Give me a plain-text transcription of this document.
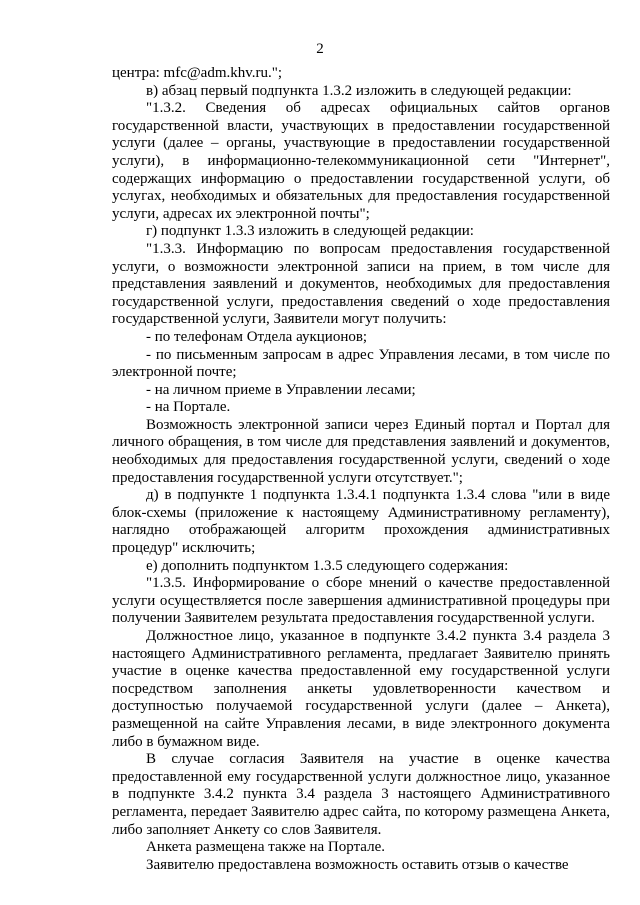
2

центра: mfc@adm.khv.ru.";

в) абзац первый подпункта 1.3.2 изложить в следующей редакции:

"1.3.2. Сведения об адресах официальных сайтов органов государственной власти, участвующих в предоставлении государственной услуги (далее – органы, участвующие в предоставлении государственной услуги), в информационно-телекоммуникационной сети "Интернет", содержащих информацию о предоставлении государственной услуги, об услугах, необходимых и обязательных для предоставления государственной услуги, адресах их электронной почты";

г) подпункт 1.3.3 изложить в следующей редакции:

"1.3.3. Информацию по вопросам предоставления государственной услуги, о возможности электронной записи на прием, в том числе для представления заявлений и документов, необходимых для предоставления государственной услуги, предоставления сведений о ходе предоставления государственной услуги, Заявители могут получить:

- по телефонам Отдела аукционов;

- по письменным запросам в адрес Управления лесами, в том числе по электронной почте;

- на личном приеме в Управлении лесами;

- на Портале.

Возможность электронной записи через Единый портал и Портал для личного обращения, в том числе для представления заявлений и документов, необходимых для предоставления государственной услуги, сведений о ходе предоставления государственной услуги отсутствует.";

д) в подпункте 1 подпункта 1.3.4.1 подпункта 1.3.4 слова "или в виде блок-схемы (приложение к настоящему Административному регламенту), наглядно отображающей алгоритм прохождения административных процедур" исключить;

е) дополнить подпунктом 1.3.5 следующего содержания:

"1.3.5. Информирование о сборе мнений о качестве предоставленной услуги осуществляется после завершения административной процедуры при получении Заявителем результата предоставления государственной услуги.

Должностное лицо, указанное в подпункте 3.4.2 пункта 3.4 раздела 3 настоящего Административного регламента, предлагает Заявителю принять участие в оценке качества предоставленной ему государственной услуги посредством заполнения анкеты удовлетворенности качеством и доступностью получаемой государственной услуги (далее – Анкета), размещенной на сайте Управления лесами, в виде электронного документа либо в бумажном виде.

В случае согласия Заявителя на участие в оценке качества предоставленной ему государственной услуги должностное лицо, указанное в подпункте 3.4.2 пункта 3.4 раздела 3 настоящего Административного регламента, передает Заявителю адрес сайта, по которому размещена Анкета, либо заполняет Анкету со слов Заявителя.

Анкета размещена также на Портале.

Заявителю предоставлена возможность оставить отзыв о качестве
